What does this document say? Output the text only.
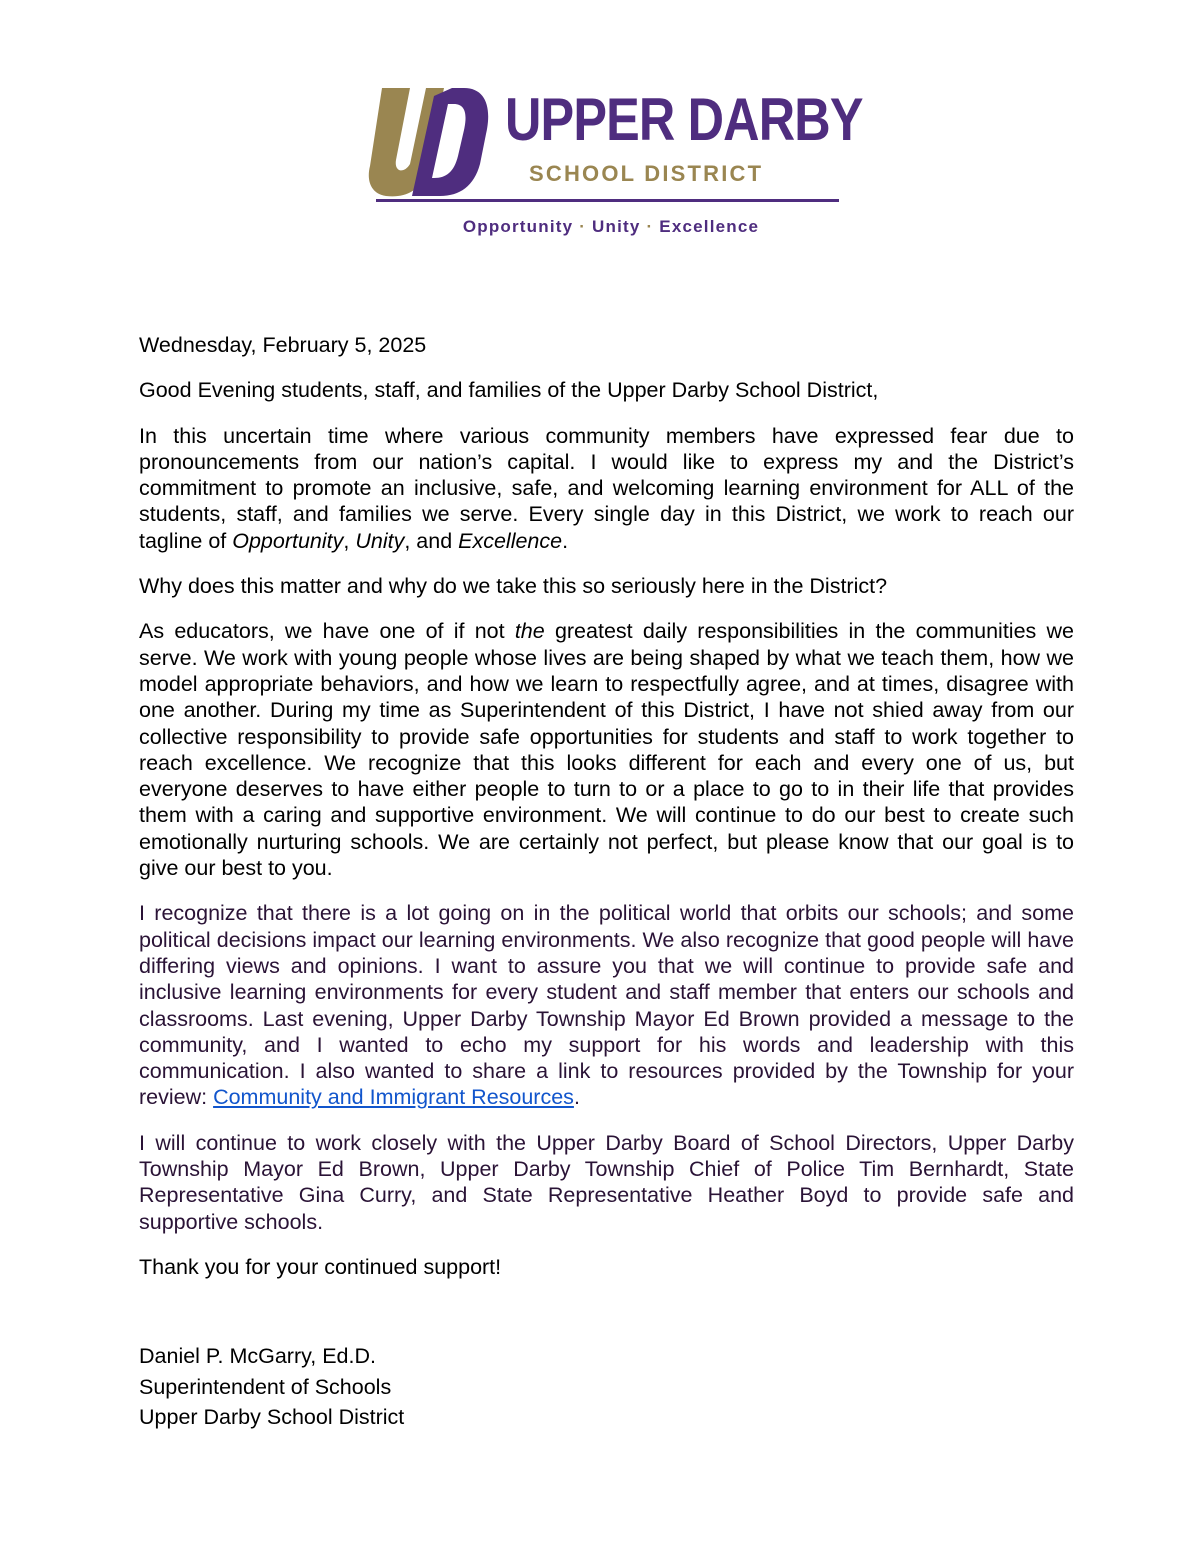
UPPER DARBY
SCHOOL DISTRICT
Opportunity · Unity · Excellence

Wednesday, February 5, 2025

Good Evening students, staff, and families of the Upper Darby School District,

In this uncertain time where various community members have expressed fear due to pronouncements from our nation’s capital. I would like to express my and the District’s commitment to promote an inclusive, safe, and welcoming learning environment for ALL of the students, staff, and families we serve. Every single day in this District, we work to reach our tagline of Opportunity, Unity, and Excellence.

Why does this matter and why do we take this so seriously here in the District?

As educators, we have one of if not the greatest daily responsibilities in the communities we serve. We work with young people whose lives are being shaped by what we teach them, how we model appropriate behaviors, and how we learn to respectfully agree, and at times, disagree with one another. During my time as Superintendent of this District, I have not shied away from our collective responsibility to provide safe opportunities for students and staff to work together to reach excellence. We recognize that this looks different for each and every one of us, but everyone deserves to have either people to turn to or a place to go to in their life that provides them with a caring and supportive environment. We will continue to do our best to create such emotionally nurturing schools. We are certainly not perfect, but please know that our goal is to give our best to you.

I recognize that there is a lot going on in the political world that orbits our schools; and some political decisions impact our learning environments. We also recognize that good people will have differing views and opinions. I want to assure you that we will continue to provide safe and inclusive learning environments for every student and staff member that enters our schools and classrooms. Last evening, Upper Darby Township Mayor Ed Brown provided a message to the community, and I wanted to echo my support for his words and leadership with this communication. I also wanted to share a link to resources provided by the Township for your review: Community and Immigrant Resources.

I will continue to work closely with the Upper Darby Board of School Directors, Upper Darby Township Mayor Ed Brown, Upper Darby Township Chief of Police Tim Bernhardt, State Representative Gina Curry, and State Representative Heather Boyd to provide safe and supportive schools.

Thank you for your continued support!

Daniel P. McGarry, Ed.D.
Superintendent of Schools
Upper Darby School District
